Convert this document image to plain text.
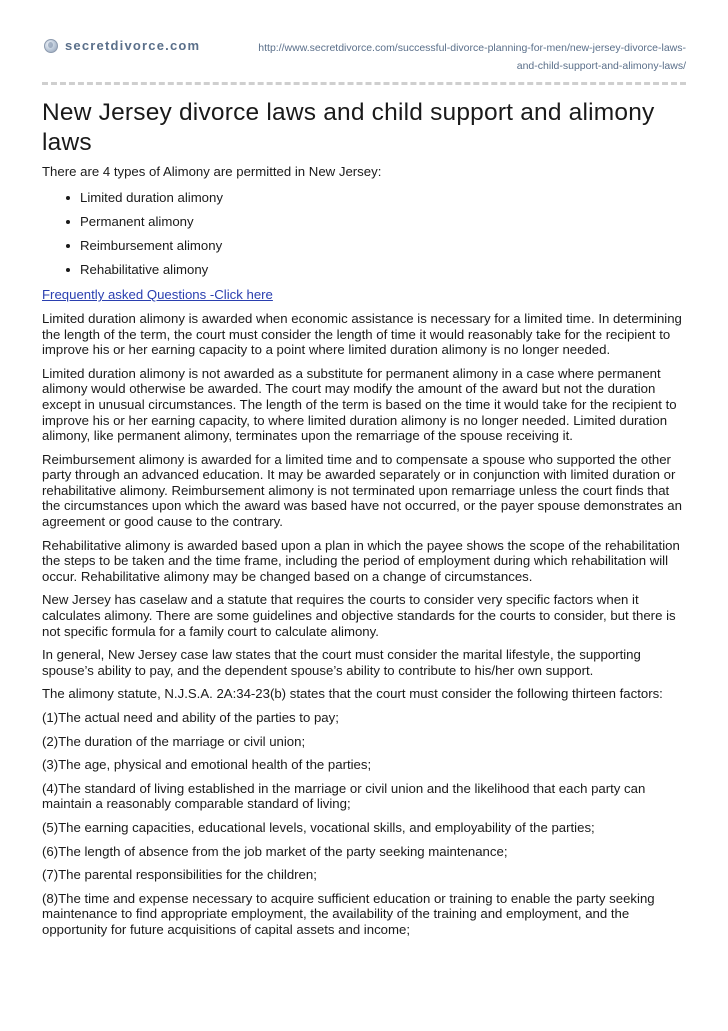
secretdivorce.com	http://www.secretdivorce.com/successful-divorce-planning-for-men/new-jersey-divorce-laws-
and-child-support-and-alimony-laws/
New Jersey divorce laws and child support and alimony laws

There are 4 types of Alimony are permitted in New Jersey:

Limited duration alimony
Permanent alimony
Reimbursement alimony
Rehabilitative alimony
Frequently asked Questions -Click here

Limited duration alimony is awarded when economic assistance is necessary for a limited time. In determining the length of the term, the court must consider the length of time it would reasonably take for the recipient to improve his or her earning capacity to a point where limited duration alimony is no longer needed.

Limited duration alimony is not awarded as a substitute for permanent alimony in a case where permanent alimony would otherwise be awarded. The court may modify the amount of the award but not the duration except in unusual circumstances. The length of the term is based on the time it would take for the recipient to improve his or her earning capacity, to where limited duration alimony is no longer needed. Limited duration alimony, like permanent alimony, terminates upon the remarriage of the spouse receiving it.

Reimbursement alimony is awarded for a limited time and to compensate a spouse who supported the other party through an advanced education. It may be awarded separately or in conjunction with limited duration or rehabilitative alimony. Reimbursement alimony is not terminated upon remarriage unless the court finds that the circumstances upon which the award was based have not occurred, or the payer spouse demonstrates an agreement or good cause to the contrary.

Rehabilitative alimony is awarded based upon a plan in which the payee shows the scope of the rehabilitation the steps to be taken and the time frame, including the period of employment during which rehabilitation will occur. Rehabilitative alimony may be changed based on a change of circumstances.

New Jersey has caselaw and a statute that requires the courts to consider very specific factors when it calculates alimony. There are some guidelines and objective standards for the courts to consider, but there is not specific formula for a family court to calculate alimony.

In general, New Jersey case law states that the court must consider the marital lifestyle, the supporting spouse’s ability to pay, and the dependent spouse’s ability to contribute to his/her own support.

The alimony statute, N.J.S.A. 2A:34-23(b) states that the court must consider the following thirteen factors:

(1)The actual need and ability of the parties to pay;

(2)The duration of the marriage or civil union;

(3)The age, physical and emotional health of the parties;

(4)The standard of living established in the marriage or civil union and the likelihood that each party can maintain a reasonably comparable standard of living;

(5)The earning capacities, educational levels, vocational skills, and employability of the parties;

(6)The length of absence from the job market of the party seeking maintenance;

(7)The parental responsibilities for the children;

(8)The time and expense necessary to acquire sufficient education or training to enable the party seeking maintenance to find appropriate employment, the availability of the training and employment, and the opportunity for future acquisitions of capital assets and income;
